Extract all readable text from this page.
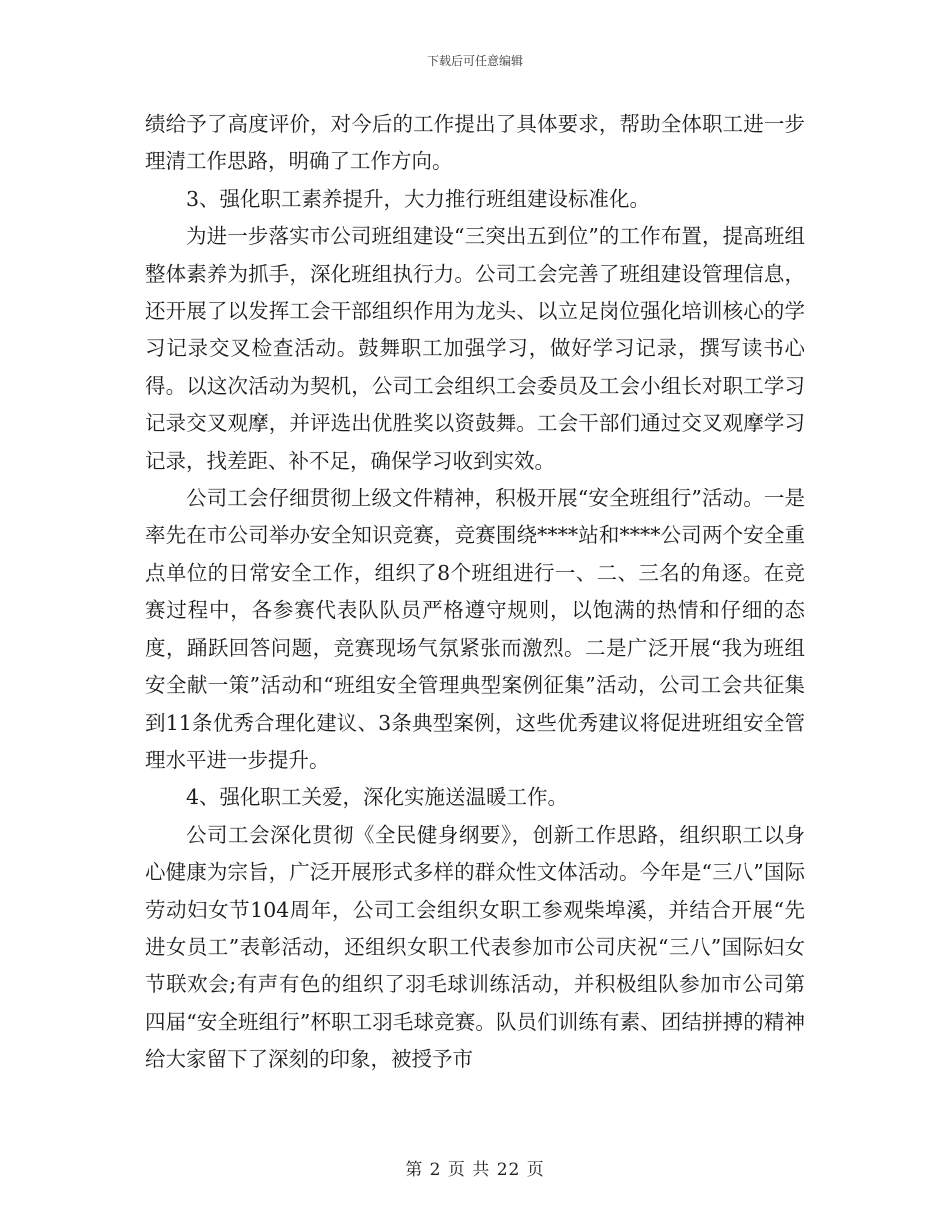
下载后可任意编辑

绩给予了高度评价，对今后的工作提出了具体要求，帮助全体职工进一步理清工作思路，明确了工作方向。

3、强化职工素养提升，大力推行班组建设标准化。

为进一步落实市公司班组建设“三突出五到位”的工作布置，提高班组整体素养为抓手，深化班组执行力。公司工会完善了班组建设管理信息，还开展了以发挥工会干部组织作用为龙头、以立足岗位强化培训核心的学习记录交叉检查活动。鼓舞职工加强学习，做好学习记录，撰写读书心得。以这次活动为契机，公司工会组织工会委员及工会小组长对职工学习记录交叉观摩，并评选出优胜奖以资鼓舞。工会干部们通过交叉观摩学习记录，找差距、补不足，确保学习收到实效。

公司工会仔细贯彻上级文件精神，积极开展“安全班组行”活动。一是率先在市公司举办安全知识竞赛，竞赛围绕****站和****公司两个安全重点单位的日常安全工作，组织了8个班组进行一、二、三名的角逐。在竞赛过程中，各参赛代表队队员严格遵守规则，以饱满的热情和仔细的态度，踊跃回答问题，竞赛现场气氛紧张而激烈。二是广泛开展“我为班组安全献一策”活动和“班组安全管理典型案例征集”活动，公司工会共征集到11条优秀合理化建议、3条典型案例，这些优秀建议将促进班组安全管理水平进一步提升。

4、强化职工关爱，深化实施送温暖工作。

公司工会深化贯彻《全民健身纲要》，创新工作思路，组织职工以身心健康为宗旨，广泛开展形式多样的群众性文体活动。今年是“三八”国际劳动妇女节104周年，公司工会组织女职工参观柴埠溪，并结合开展“先进女员工”表彰活动，还组织女职工代表参加市公司庆祝“三八”国际妇女节联欢会;有声有色的组织了羽毛球训练活动，并积极组队参加市公司第四届“安全班组行”杯职工羽毛球竞赛。队员们训练有素、团结拼搏的精神给大家留下了深刻的印象，被授予市

第 2 页 共 22 页
